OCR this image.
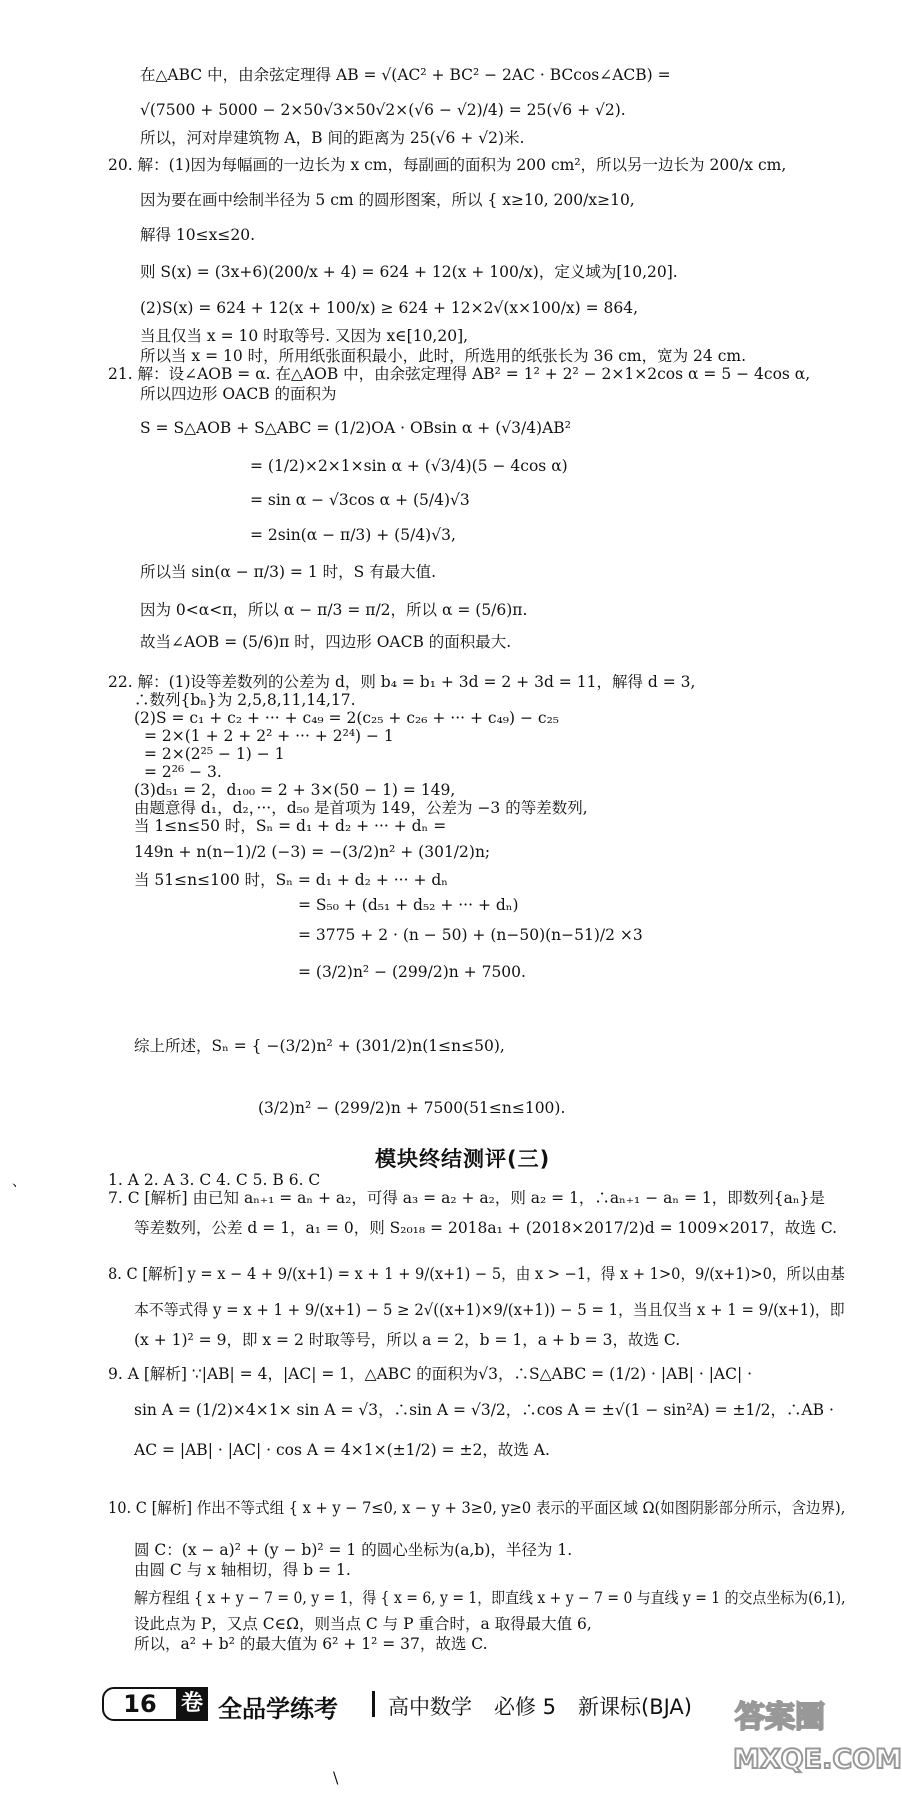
在△ABC 中，由余弦定理得 AB = √(AC² + BC² − 2AC · BCcos∠ACB) =
√(7500 + 5000 − 2×50√3×50√2×(√6 − √2)/4) = 25(√6 + √2).
所以，河对岸建筑物 A，B 间的距离为 25(√6 + √2)米.
20. 解：(1)因为每幅画的一边长为 x cm，每副画的面积为 200 cm²，所以另一边长为 200/x cm,
因为要在画中绘制半径为 5 cm 的圆形图案，所以 { x≥10, 200/x≥10,
解得 10≤x≤20.
则 S(x) = (3x+6)(200/x + 4) = 624 + 12(x + 100/x)，定义域为[10,20].
(2)S(x) = 624 + 12(x + 100/x) ≥ 624 + 12×2√(x×100/x) = 864,
当且仅当 x = 10 时取等号. 又因为 x∈[10,20],
所以当 x = 10 时，所用纸张面积最小，此时，所选用的纸张长为 36 cm，宽为 24 cm.
21. 解：设∠AOB = α. 在△AOB 中，由余弦定理得 AB² = 1² + 2² − 2×1×2cos α = 5 − 4cos α,
所以四边形 OACB 的面积为
S = S△AOB + S△ABC = (1/2)OA · OBsin α + (√3/4)AB²
= (1/2)×2×1×sin α + (√3/4)(5 − 4cos α)
= sin α − √3cos α + (5/4)√3
= 2sin(α − π/3) + (5/4)√3,
所以当 sin(α − π/3) = 1 时，S 有最大值.
因为 0<α<π，所以 α − π/3 = π/2，所以 α = (5/6)π.
故当∠AOB = (5/6)π 时，四边形 OACB 的面积最大.
22. 解：(1)设等差数列的公差为 d，则 b₄ = b₁ + 3d = 2 + 3d = 11，解得 d = 3,
∴数列{bₙ}为 2,5,8,11,14,17.
(2)S = c₁ + c₂ + ··· + c₄₉ = 2(c₂₅ + c₂₆ + ··· + c₄₉) − c₂₅
= 2×(1 + 2 + 2² + ··· + 2²⁴) − 1
= 2×(2²⁵ − 1) − 1
= 2²⁶ − 3.
(3)d₅₁ = 2，d₁₀₀ = 2 + 3×(50 − 1) = 149,
由题意得 d₁，d₂，···，d₅₀ 是首项为 149，公差为 −3 的等差数列,
当 1≤n≤50 时，Sₙ = d₁ + d₂ + ··· + dₙ =
149n + n(n−1)/2 (−3) = −(3/2)n² + (301/2)n;
当 51≤n≤100 时，Sₙ = d₁ + d₂ + ··· + dₙ
= S₅₀ + (d₅₁ + d₅₂ + ··· + dₙ)
= 3775 + 2 · (n − 50) + (n−50)(n−51)/2 ×3
= (3/2)n² − (299/2)n + 7500.
综上所述，Sₙ = { −(3/2)n² + (301/2)n(1≤n≤50),
(3/2)n² − (299/2)n + 7500(51≤n≤100).
模块终结测评(三)
1. A 2. A 3. C 4. C 5. B 6. C
7. C [解析] 由已知 aₙ₊₁ = aₙ + a₂，可得 a₃ = a₂ + a₂，则 a₂ = 1，∴aₙ₊₁ − aₙ = 1，即数列{aₙ}是
等差数列，公差 d = 1，a₁ = 0，则 S₂₀₁₈ = 2018a₁ + (2018×2017/2)d = 1009×2017，故选 C.
8. C [解析] y = x − 4 + 9/(x+1) = x + 1 + 9/(x+1) − 5，由 x > −1，得 x + 1>0，9/(x+1)>0，所以由基
本不等式得 y = x + 1 + 9/(x+1) − 5 ≥ 2√((x+1)×9/(x+1)) − 5 = 1，当且仅当 x + 1 = 9/(x+1)，即
(x + 1)² = 9，即 x = 2 时取等号，所以 a = 2，b = 1，a + b = 3，故选 C.
9. A [解析] ∵|AB| = 4，|AC| = 1，△ABC 的面积为√3，∴S△ABC = (1/2) · |AB| · |AC| ·
sin A = (1/2)×4×1× sin A = √3，∴sin A = √3/2，∴cos A = ±√(1 − sin²A) = ±1/2，∴AB ·
AC = |AB| · |AC| · cos A = 4×1×(±1/2) = ±2，故选 A.
10. C [解析] 作出不等式组 { x + y − 7≤0, x − y + 3≥0, y≥0 表示的平面区域 Ω(如图阴影部分所示，含边界),
圆 C：(x − a)² + (y − b)² = 1 的圆心坐标为(a,b)，半径为 1.
由圆 C 与 x 轴相切，得 b = 1.
解方程组 { x + y − 7 = 0, y = 1，得 { x = 6, y = 1，即直线 x + y − 7 = 0 与直线 y = 1 的交点坐标为(6,1),
设此点为 P，又点 C∈Ω，则当点 C 与 P 重合时，a 取得最大值 6,
所以，a² + b² 的最大值为 6² + 1² = 37，故选 C.
、
16	卷 全品学练考 高中数学 必修 5 新课标(BJA) 答案圈
MXQE.COM
\
